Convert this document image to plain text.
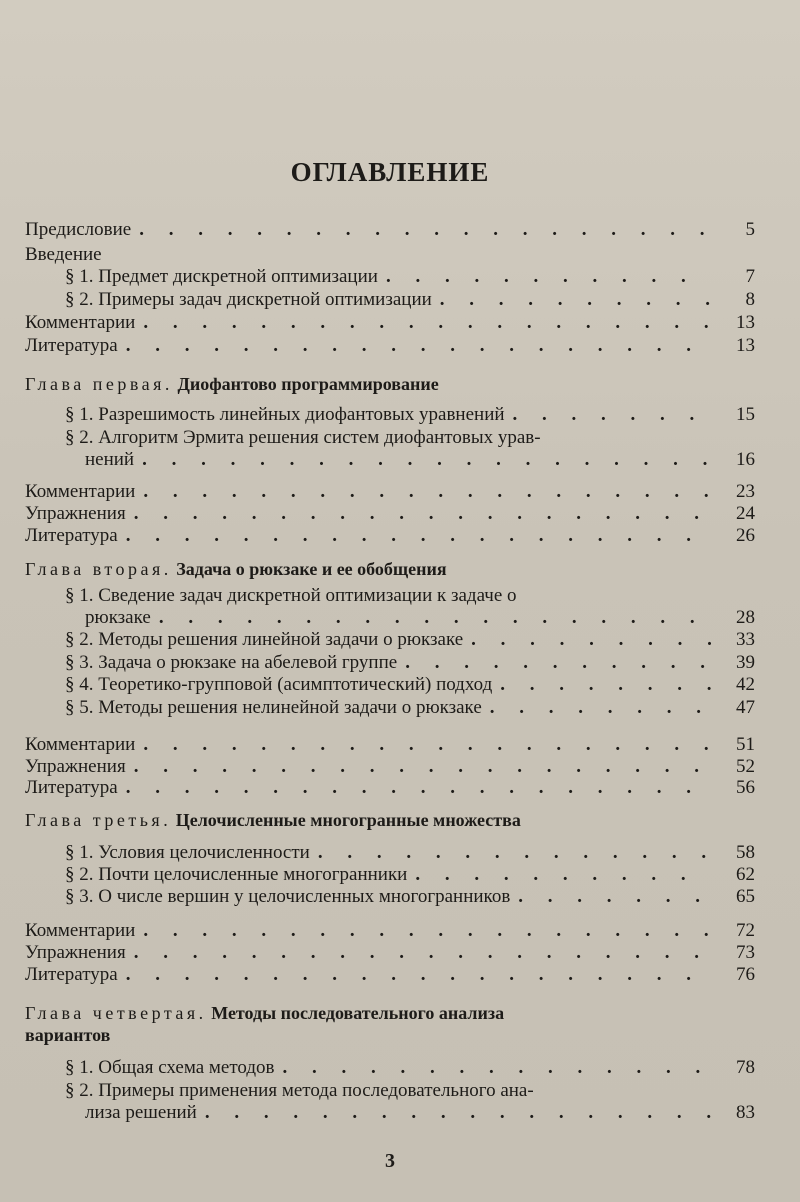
ОГЛАВЛЕНИЕ
Предисловие . . .	5
Введение
§ 1. Предмет дискретной оптимизации . . .	7
§ 2. Примеры задач дискретной оптимизации . . .	8
Комментарии . . .	13
Литература . . .	13
Глава первая. Диофантово программирование
§ 1. Разрешимость линейных диофантовых уравнений . . .	15
§ 2. Алгоритм Эрмита решения систем диофантовых урав-
нений . . .	16
Комментарии . . .	23
Упражнения . . .	24
Литература . . .	26
Глава вторая. Задача о рюкзаке и ее обобщения
§ 1. Сведение задач дискретной оптимизации к задаче о
рюкзаке . . .	28
§ 2. Методы решения линейной задачи о рюкзаке . . .	33
§ 3. Задача о рюкзаке на абелевой группе . . .	39
§ 4. Теоретико-групповой (асимптотический) подход . . .	42
§ 5. Методы решения нелинейной задачи о рюкзаке . . .	47
Комментарии . . .	51
Упражнения . . .	52
Литература . . .	56
Глава третья. Целочисленные многогранные множества
§ 1. Условия целочисленности . . .	58
§ 2. Почти целочисленные многогранники . . .	62
§ 3. О числе вершин у целочисленных многогранников . . .	65
Комментарии . . .	72
Упражнения . . .	73
Литература . . .	76
Глава четвертая. Методы последовательного анализа
вариантов
§ 1. Общая схема методов . . .	78
§ 2. Примеры применения метода последовательного ана-
лиза решений . . .	83
3
